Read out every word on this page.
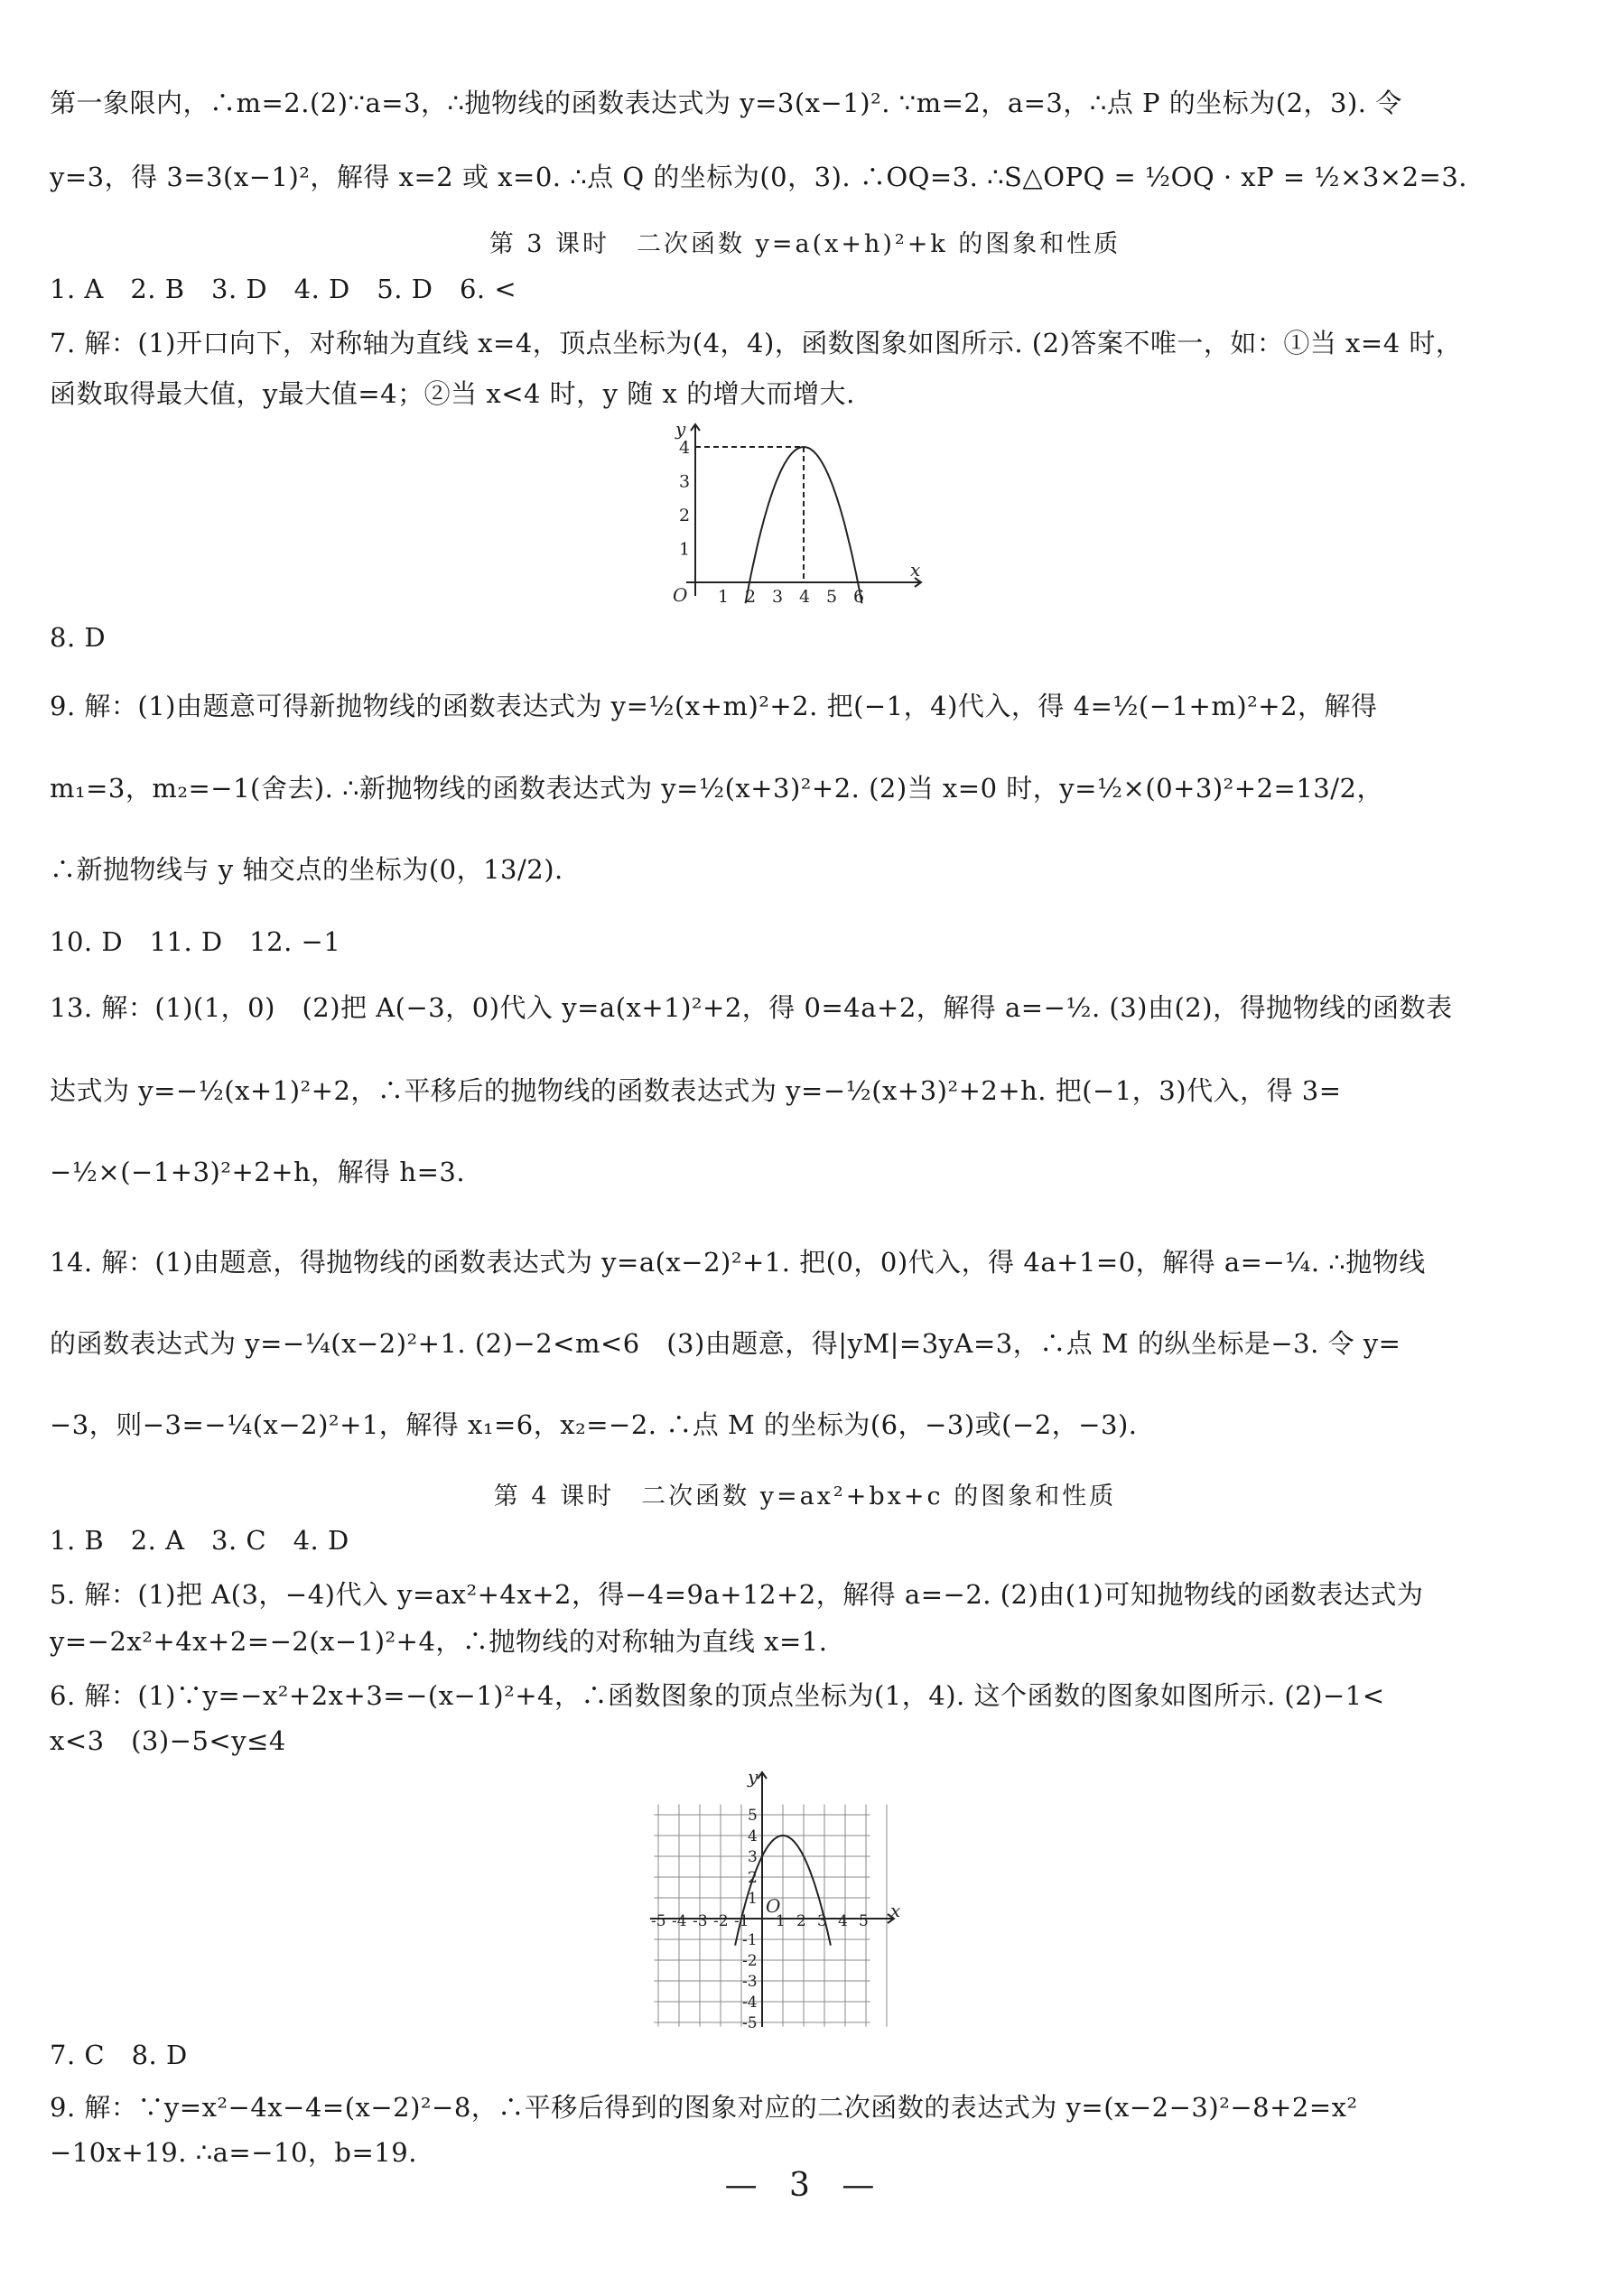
第一象限内，∴m=2.(2)∵a=3，∴抛物线的函数表达式为 y=3(x−1)². ∵m=2，a=3，∴点 P 的坐标为(2，3). 令
y=3，得 3=3(x−1)²，解得 x=2 或 x=0. ∴点 Q 的坐标为(0，3). ∴OQ=3. ∴S△OPQ = ½OQ · xP = ½×3×2=3.
第 3 课时　二次函数 y=a(x+h)²+k 的图象和性质
1. A　2. B　3. D　4. D　5. D　6. <
7. 解：(1)开口向下，对称轴为直线 x=4，顶点坐标为(4，4)，函数图象如图所示. (2)答案不唯一，如：①当 x=4 时，
函数取得最大值，y最大值=4；②当 x<4 时，y 随 x 的增大而增大.
y
x
O 1 2 3 4 5 6
1
2
3
4
8. D
9. 解：(1)由题意可得新抛物线的函数表达式为 y=½(x+m)²+2. 把(−1，4)代入，得 4=½(−1+m)²+2，解得
m₁=3，m₂=−1(舍去). ∴新抛物线的函数表达式为 y=½(x+3)²+2. (2)当 x=0 时，y=½×(0+3)²+2=13/2，
∴新抛物线与 y 轴交点的坐标为(0，13/2).
10. D　11. D　12. −1
13. 解：(1)(1，0)　(2)把 A(−3，0)代入 y=a(x+1)²+2，得 0=4a+2，解得 a=−½. (3)由(2)，得抛物线的函数表
达式为 y=−½(x+1)²+2，∴平移后的抛物线的函数表达式为 y=−½(x+3)²+2+h. 把(−1，3)代入，得 3=
−½×(−1+3)²+2+h，解得 h=3.
14. 解：(1)由题意，得抛物线的函数表达式为 y=a(x−2)²+1. 把(0，0)代入，得 4a+1=0，解得 a=−¼. ∴抛物线
的函数表达式为 y=−¼(x−2)²+1. (2)−2<m<6　(3)由题意，得|yM|=3yA=3，∴点 M 的纵坐标是−3. 令 y=
−3，则−3=−¼(x−2)²+1，解得 x₁=6，x₂=−2. ∴点 M 的坐标为(6，−3)或(−2，−3).
第 4 课时　二次函数 y=ax²+bx+c 的图象和性质
1. B　2. A　3. C　4. D
5. 解：(1)把 A(3，−4)代入 y=ax²+4x+2，得−4=9a+12+2，解得 a=−2. (2)由(1)可知抛物线的函数表达式为
y=−2x²+4x+2=−2(x−1)²+4，∴抛物线的对称轴为直线 x=1.
6. 解：(1)∵y=−x²+2x+3=−(x−1)²+4，∴函数图象的顶点坐标为(1，4). 这个函数的图象如图所示. (2)−1<
x<3　(3)−5<y≤4
y
x
O
-5 -4 -3 -2 -1 1 2 3 4 5
1
2
3
4
5
-1
-2
-3
-4
-5
7. C　8. D
9. 解：∵y=x²−4x−4=(x−2)²−8，∴平移后得到的图象对应的二次函数的表达式为 y=(x−2−3)²−8+2=x²
−10x+19. ∴a=−10，b=19.
— 3 —
